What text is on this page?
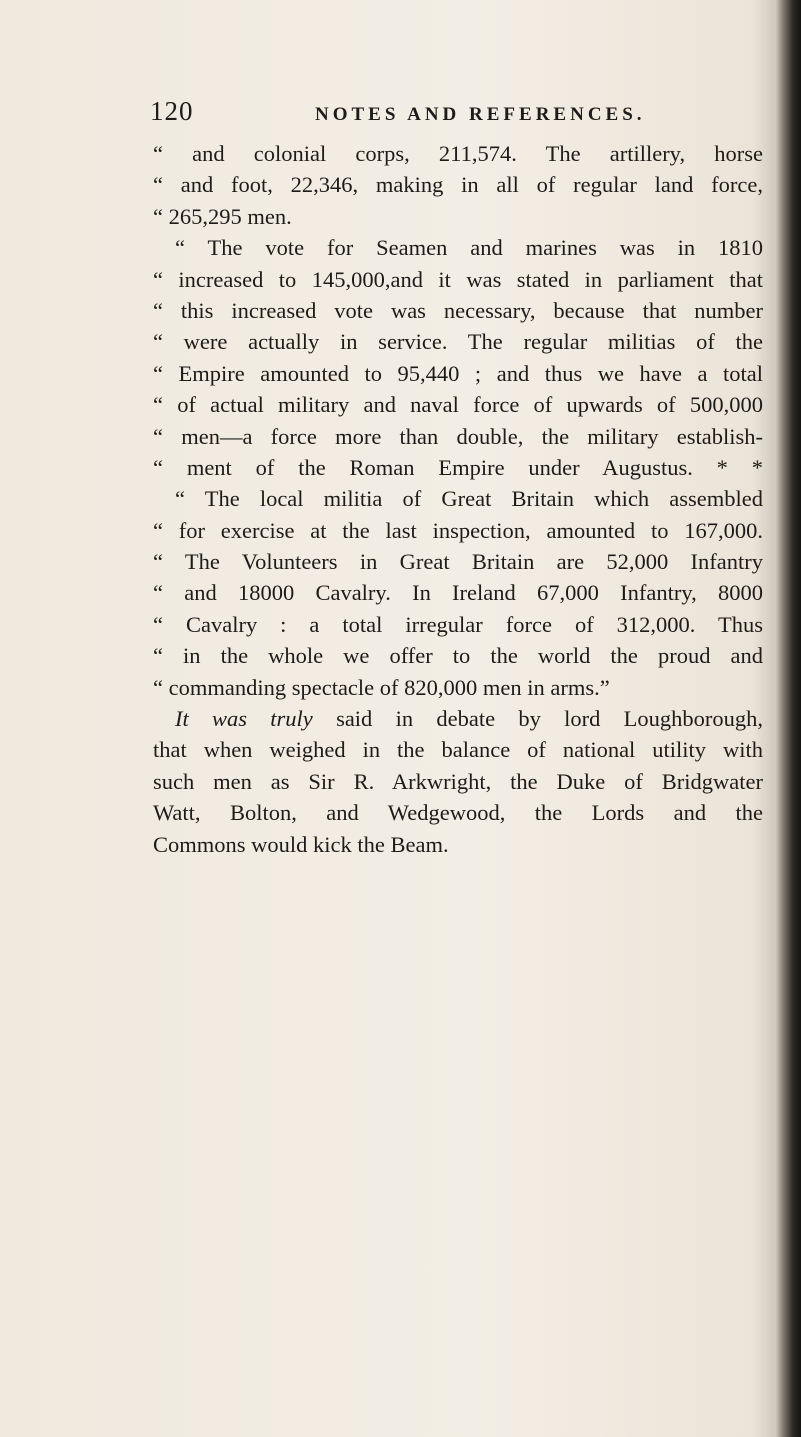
120	NOTES AND REFERENCES.
“ and colonial corps, 211,574. The artillery, horse
“ and foot, 22,346, making in all of regular land force,
“ 265,295 men.
“ The vote for Seamen and marines was in 1810
“ increased to 145,000,and it was stated in parliament that
“ this increased vote was necessary, because that number
“ were actually in service. The regular militias of the
“ Empire amounted to 95,440 ; and thus we have a total
“ of actual military and naval force of upwards of 500,000
“ men—a force more than double, the military establish-
“ ment of the Roman Empire under Augustus. * *
“ The local militia of Great Britain which assembled
“ for exercise at the last inspection, amounted to 167,000.
“ The Volunteers in Great Britain are 52,000 Infantry
“ and 18000 Cavalry. In Ireland 67,000 Infantry, 8000
“ Cavalry : a total irregular force of 312,000. Thus
“ in the whole we offer to the world the proud and
“ commanding spectacle of 820,000 men in arms.”
It was truly said in debate by lord Loughborough,
that when weighed in the balance of national utility with
such men as Sir R. Arkwright, the Duke of Bridgwater
Watt, Bolton, and Wedgewood, the Lords and the
Commons would kick the Beam.
